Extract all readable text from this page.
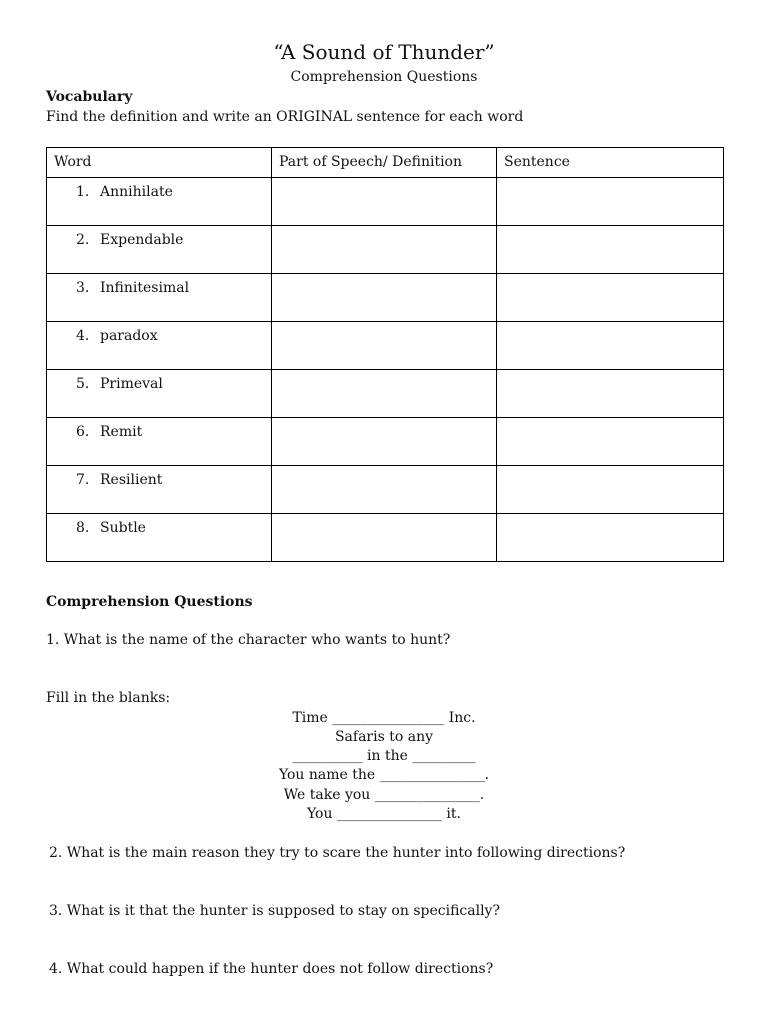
“A Sound of Thunder”
Comprehension Questions
Vocabulary
Find the definition and write an ORIGINAL sentence for each word
Word	Part of Speech/ Definition	Sentence

1. Annihilate		

2. Expendable		

3. Infinitesimal		

4. paradox		

5. Primeval		

6. Remit		

7. Resilient		

8. Subtle		

Comprehension Questions
1. What is the name of the character who wants to hunt?
Fill in the blanks:
Time ________________ Inc.
Safaris to any
__________ in the _________
You name the _______________.
We take you _______________.
You _______________ it.
2. What is the main reason they try to scare the hunter into following directions?
3. What is it that the hunter is supposed to stay on specifically?
4. What could happen if the hunter does not follow directions?
